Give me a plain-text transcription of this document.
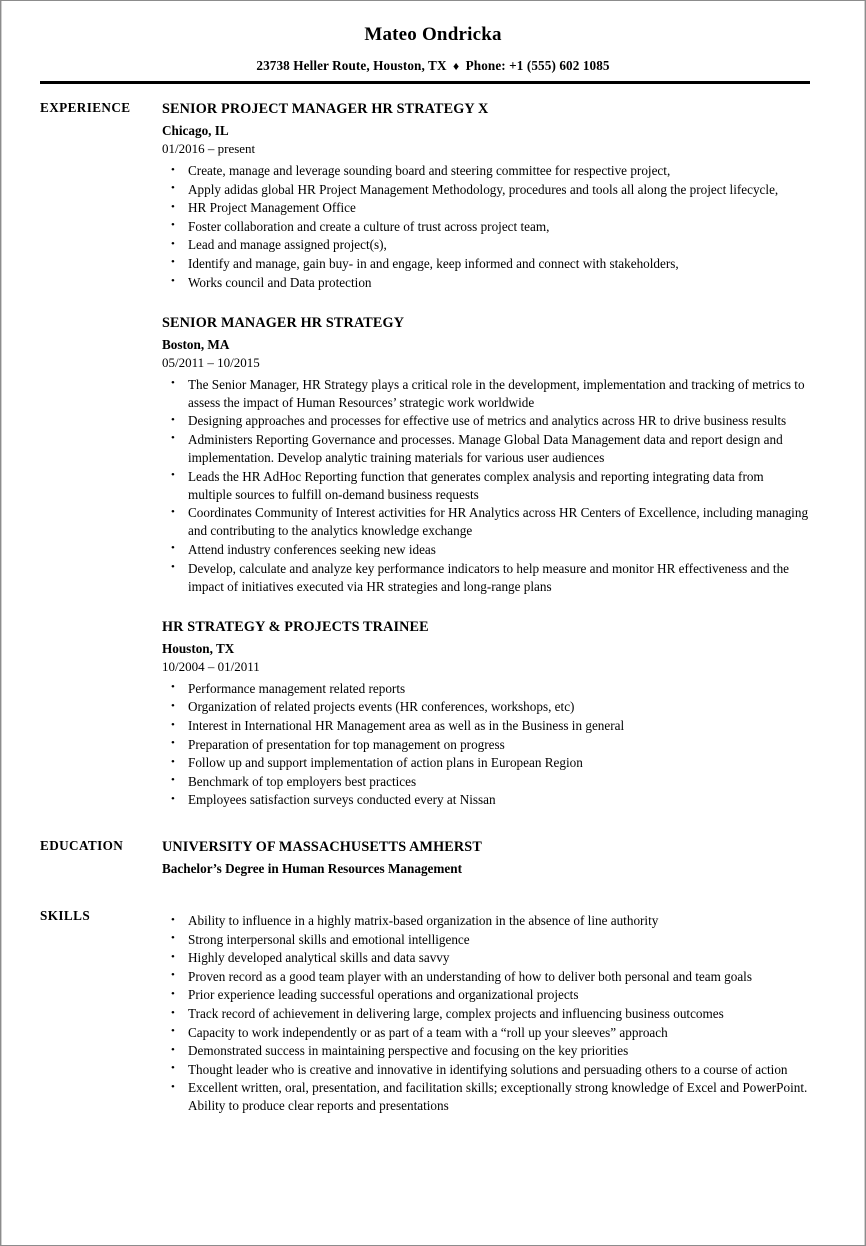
Mateo Ondricka
23738 Heller Route, Houston, TX ♦ Phone: +1 (555) 602 1085
EXPERIENCE SENIOR PROJECT MANAGER HR STRATEGY X
Chicago, IL
01/2016 – present
• Create, manage and leverage sounding board and steering committee for respective project,
• Apply adidas global HR Project Management Methodology, procedures and tools all along the project lifecycle,
• HR Project Management Office
• Foster collaboration and create a culture of trust across project team,
• Lead and manage assigned project(s),
• Identify and manage, gain buy- in and engage, keep informed and connect with stakeholders,
• Works council and Data protection
SENIOR MANAGER HR STRATEGY
Boston, MA
05/2011 – 10/2015
• The Senior Manager, HR Strategy plays a critical role in the development, implementation and tracking of metrics to assess the impact of Human Resources’ strategic work worldwide
• Designing approaches and processes for effective use of metrics and analytics across HR to drive business results
• Administers Reporting Governance and processes. Manage Global Data Management data and report design and implementation. Develop analytic training materials for various user audiences
• Leads the HR AdHoc Reporting function that generates complex analysis and reporting integrating data from multiple sources to fulfill on-demand business requests
• Coordinates Community of Interest activities for HR Analytics across HR Centers of Excellence, including managing and contributing to the analytics knowledge exchange
• Attend industry conferences seeking new ideas
• Develop, calculate and analyze key performance indicators to help measure and monitor HR effectiveness and the impact of initiatives executed via HR strategies and long-range plans
HR STRATEGY & PROJECTS TRAINEE
Houston, TX
10/2004 – 01/2011
• Performance management related reports
• Organization of related projects events (HR conferences, workshops, etc)
• Interest in International HR Management area as well as in the Business in general
• Preparation of presentation for top management on progress
• Follow up and support implementation of action plans in European Region
• Benchmark of top employers best practices
• Employees satisfaction surveys conducted every at Nissan
EDUCATION	UNIVERSITY OF MASSACHUSETTS AMHERST
Bachelor’s Degree in Human Resources Management
SKILLS	• Ability to influence in a highly matrix-based organization in the absence of line authority
• Strong interpersonal skills and emotional intelligence
• Highly developed analytical skills and data savvy
• Proven record as a good team player with an understanding of how to deliver both personal and team goals
• Prior experience leading successful operations and organizational projects
• Track record of achievement in delivering large, complex projects and influencing business outcomes
• Capacity to work independently or as part of a team with a “roll up your sleeves” approach
• Demonstrated success in maintaining perspective and focusing on the key priorities
• Thought leader who is creative and innovative in identifying solutions and persuading others to a course of action
• Excellent written, oral, presentation, and facilitation skills; exceptionally strong knowledge of Excel and PowerPoint. Ability to produce clear reports and presentations
